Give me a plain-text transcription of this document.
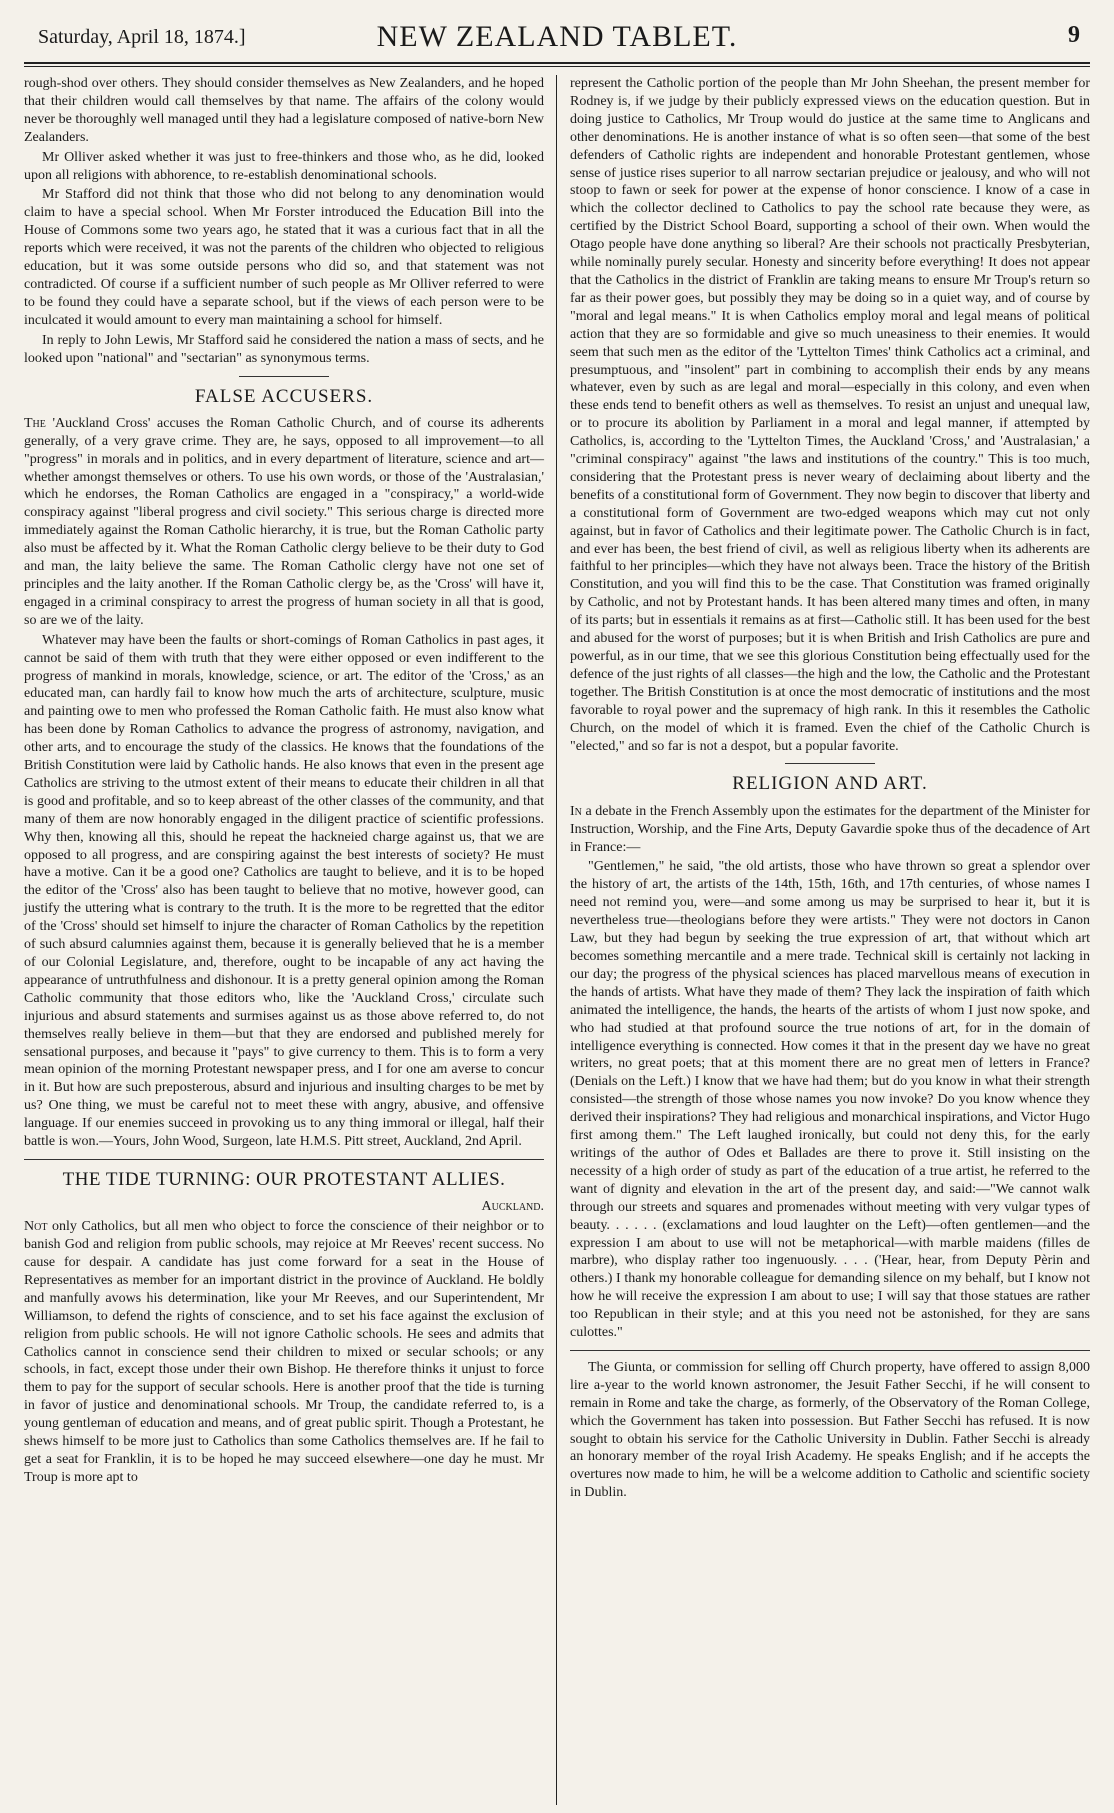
Saturday, April 18, 1874.]	NEW ZEALAND TABLET.	9

rough-shod over others. They should consider themselves as New Zealanders, and he hoped that their children would call themselves by that name. The affairs of the colony would never be thoroughly well managed until they had a legislature composed of native-born New Zealanders.

Mr Olliver asked whether it was just to free-thinkers and those who, as he did, looked upon all religions with abhorence, to re-establish denominational schools.

Mr Stafford did not think that those who did not belong to any denomination would claim to have a special school. When Mr Forster introduced the Education Bill into the House of Commons some two years ago, he stated that it was a curious fact that in all the reports which were received, it was not the parents of the children who objected to religious education, but it was some outside persons who did so, and that statement was not contradicted. Of course if a sufficient number of such people as Mr Olliver referred to were to be found they could have a separate school, but if the views of each person were to be inculcated it would amount to every man maintaining a school for himself.

In reply to John Lewis, Mr Stafford said he considered the nation a mass of sects, and he looked upon "national" and "sectarian" as synonymous terms.

FALSE ACCUSERS.

The 'Auckland Cross' accuses the Roman Catholic Church, and of course its adherents generally, of a very grave crime. They are, he says, opposed to all improvement—to all "progress" in morals and in politics, and in every department of literature, science and art—whether amongst themselves or others. To use his own words, or those of the 'Australasian,' which he endorses, the Roman Catholics are engaged in a "conspiracy," a world-wide conspiracy against "liberal progress and civil society." This serious charge is directed more immediately against the Roman Catholic hierarchy, it is true, but the Roman Catholic party also must be affected by it. What the Roman Catholic clergy believe to be their duty to God and man, the laity believe the same. The Roman Catholic clergy have not one set of principles and the laity another. If the Roman Catholic clergy be, as the 'Cross' will have it, engaged in a criminal conspiracy to arrest the progress of human society in all that is good, so are we of the laity.

Whatever may have been the faults or short-comings of Roman Catholics in past ages, it cannot be said of them with truth that they were either opposed or even indifferent to the progress of mankind in morals, knowledge, science, or art. The editor of the 'Cross,' as an educated man, can hardly fail to know how much the arts of architecture, sculpture, music and painting owe to men who professed the Roman Catholic faith. He must also know what has been done by Roman Catholics to advance the progress of astronomy, navigation, and other arts, and to encourage the study of the classics. He knows that the foundations of the British Constitution were laid by Catholic hands. He also knows that even in the present age Catholics are striving to the utmost extent of their means to educate their children in all that is good and profitable, and so to keep abreast of the other classes of the community, and that many of them are now honorably engaged in the diligent practice of scientific professions. Why then, knowing all this, should he repeat the hackneied charge against us, that we are opposed to all progress, and are conspiring against the best interests of society? He must have a motive. Can it be a good one? Catholics are taught to believe, and it is to be hoped the editor of the 'Cross' also has been taught to believe that no motive, however good, can justify the uttering what is contrary to the truth. It is the more to be regretted that the editor of the 'Cross' should set himself to injure the character of Roman Catholics by the repetition of such absurd calumnies against them, because it is generally believed that he is a member of our Colonial Legislature, and, therefore, ought to be incapable of any act having the appearance of untruthfulness and dishonour. It is a pretty general opinion among the Roman Catholic community that those editors who, like the 'Auckland Cross,' circulate such injurious and absurd statements and surmises against us as those above referred to, do not themselves really believe in them—but that they are endorsed and published merely for sensational purposes, and because it "pays" to give currency to them. This is to form a very mean opinion of the morning Protestant newspaper press, and I for one am averse to concur in it. But how are such preposterous, absurd and injurious and insulting charges to be met by us? One thing, we must be careful not to meet these with angry, abusive, and offensive language. If our enemies succeed in provoking us to any thing immoral or illegal, half their battle is won.—Yours, John Wood, Surgeon, late H.M.S. Pitt street, Auckland, 2nd April.

THE TIDE TURNING: OUR PROTESTANT ALLIES.
Auckland.

Not only Catholics, but all men who object to force the conscience of their neighbor or to banish God and religion from public schools, may rejoice at Mr Reeves' recent success. No cause for despair. A candidate has just come forward for a seat in the House of Representatives as member for an important district in the province of Auckland. He boldly and manfully avows his determination, like your Mr Reeves, and our Superintendent, Mr Williamson, to defend the rights of conscience, and to set his face against the exclusion of religion from public schools. He will not ignore Catholic schools. He sees and admits that Catholics cannot in conscience send their children to mixed or secular schools; or any schools, in fact, except those under their own Bishop. He therefore thinks it unjust to force them to pay for the support of secular schools. Here is another proof that the tide is turning in favor of justice and denominational schools. Mr Troup, the candidate referred to, is a young gentleman of education and means, and of great public spirit. Though a Protestant, he shews himself to be more just to Catholics than some Catholics themselves are. If he fail to get a seat for Franklin, it is to be hoped he may succeed elsewhere—one day he must. Mr Troup is more apt to

represent the Catholic portion of the people than Mr John Sheehan, the present member for Rodney is, if we judge by their publicly expressed views on the education question. But in doing justice to Catholics, Mr Troup would do justice at the same time to Anglicans and other denominations. He is another instance of what is so often seen—that some of the best defenders of Catholic rights are independent and honorable Protestant gentlemen, whose sense of justice rises superior to all narrow sectarian prejudice or jealousy, and who will not stoop to fawn or seek for power at the expense of honor conscience. I know of a case in which the collector declined to Catholics to pay the school rate because they were, as certified by the District School Board, supporting a school of their own. When would the Otago people have done anything so liberal? Are their schools not practically Presbyterian, while nominally purely secular. Honesty and sincerity before everything! It does not appear that the Catholics in the district of Franklin are taking means to ensure Mr Troup's return so far as their power goes, but possibly they may be doing so in a quiet way, and of course by "moral and legal means." It is when Catholics employ moral and legal means of political action that they are so formidable and give so much uneasiness to their enemies. It would seem that such men as the editor of the 'Lyttelton Times' think Catholics act a criminal, and presumptuous, and "insolent" part in combining to accomplish their ends by any means whatever, even by such as are legal and moral—especially in this colony, and even when these ends tend to benefit others as well as themselves. To resist an unjust and unequal law, or to procure its abolition by Parliament in a moral and legal manner, if attempted by Catholics, is, according to the 'Lyttelton Times, the Auckland 'Cross,' and 'Australasian,' a "criminal conspiracy" against "the laws and institutions of the country." This is too much, considering that the Protestant press is never weary of declaiming about liberty and the benefits of a constitutional form of Government. They now begin to discover that liberty and a constitutional form of Government are two-edged weapons which may cut not only against, but in favor of Catholics and their legitimate power. The Catholic Church is in fact, and ever has been, the best friend of civil, as well as religious liberty when its adherents are faithful to her principles—which they have not always been. Trace the history of the British Constitution, and you will find this to be the case. That Constitution was framed originally by Catholic, and not by Protestant hands. It has been altered many times and often, in many of its parts; but in essentials it remains as at first—Catholic still. It has been used for the best and abused for the worst of purposes; but it is when British and Irish Catholics are pure and powerful, as in our time, that we see this glorious Constitution being effectually used for the defence of the just rights of all classes—the high and the low, the Catholic and the Protestant together. The British Constitution is at once the most democratic of institutions and the most favorable to royal power and the supremacy of high rank. In this it resembles the Catholic Church, on the model of which it is framed. Even the chief of the Catholic Church is "elected," and so far is not a despot, but a popular favorite.

RELIGION AND ART.

In a debate in the French Assembly upon the estimates for the department of the Minister for Instruction, Worship, and the Fine Arts, Deputy Gavardie spoke thus of the decadence of Art in France:—

"Gentlemen," he said, "the old artists, those who have thrown so great a splendor over the history of art, the artists of the 14th, 15th, 16th, and 17th centuries, of whose names I need not remind you, were—and some among us may be surprised to hear it, but it is nevertheless true—theologians before they were artists." They were not doctors in Canon Law, but they had begun by seeking the true expression of art, that without which art becomes something mercantile and a mere trade. Technical skill is certainly not lacking in our day; the progress of the physical sciences has placed marvellous means of execution in the hands of artists. What have they made of them? They lack the inspiration of faith which animated the intelligence, the hands, the hearts of the artists of whom I just now spoke, and who had studied at that profound source the true notions of art, for in the domain of intelligence everything is connected. How comes it that in the present day we have no great writers, no great poets; that at this moment there are no great men of letters in France? (Denials on the Left.) I know that we have had them; but do you know in what their strength consisted—the strength of those whose names you now invoke? Do you know whence they derived their inspirations? They had religious and monarchical inspirations, and Victor Hugo first among them." The Left laughed ironically, but could not deny this, for the early writings of the author of Odes et Ballades are there to prove it. Still insisting on the necessity of a high order of study as part of the education of a true artist, he referred to the want of dignity and elevation in the art of the present day, and said:—"We cannot walk through our streets and squares and promenades without meeting with very vulgar types of beauty. . . . . . (exclamations and loud laughter on the Left)—often gentlemen—and the expression I am about to use will not be metaphorical—with marble maidens (filles de marbre), who display rather too ingenuously. . . . ('Hear, hear, from Deputy Pèrin and others.) I thank my honorable colleague for demanding silence on my behalf, but I know not how he will receive the expression I am about to use; I will say that those statues are rather too Republican in their style; and at this you need not be astonished, for they are sans culottes."

The Giunta, or commission for selling off Church property, have offered to assign 8,000 lire a-year to the world known astronomer, the Jesuit Father Secchi, if he will consent to remain in Rome and take the charge, as formerly, of the Observatory of the Roman College, which the Government has taken into possession. But Father Secchi has refused. It is now sought to obtain his service for the Catholic University in Dublin. Father Secchi is already an honorary member of the royal Irish Academy. He speaks English; and if he accepts the overtures now made to him, he will be a welcome addition to Catholic and scientific society in Dublin.
